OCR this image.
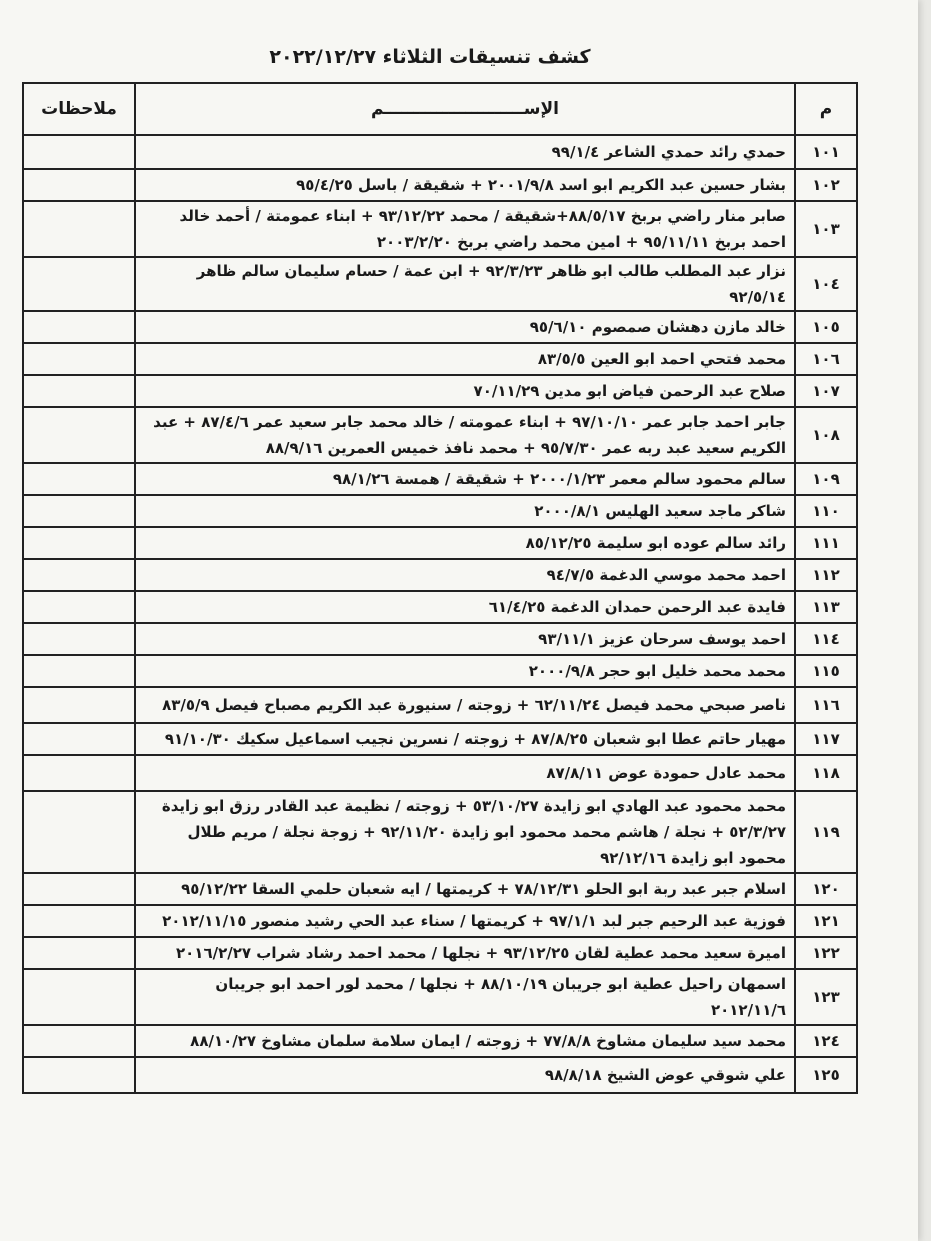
كشف تنسيقات الثلاثاء ٢٠٢٢/١٢/٢٧
م	الإســــــــــــــــــــــــم	ملاحظات
١٠١	حمدي رائد حمدي الشاعر ٩٩/١/٤	
١٠٢	بشار حسين عبد الكريم ابو اسد ٢٠٠١/٩/٨ + شقيقة / باسل ٩٥/٤/٢٥	
١٠٣	صابر منار راضي بربخ ٨٨/٥/١٧+شقيقة / محمد ٩٣/١٢/٢٢ + ابناء عمومتة / أحمد خالد احمد بربخ ٩٥/١١/١١ + امين محمد راضي بربخ ٢٠٠٣/٢/٢٠	
١٠٤	نزار عبد المطلب طالب ابو ظاهر ٩٢/٣/٢٣ + ابن عمة / حسام سليمان سالم ظاهر ٩٢/٥/١٤	
١٠٥	خالد مازن دهشان صمصوم ٩٥/٦/١٠	
١٠٦	محمد فتحي احمد ابو العين ٨٣/٥/٥	
١٠٧	صلاح عبد الرحمن فياض ابو مدين ٧٠/١١/٢٩	
١٠٨	جابر احمد جابر عمر ٩٧/١٠/١٠ + ابناء عمومته / خالد محمد جابر سعيد عمر ٨٧/٤/٦ + عبد الكريم سعيد عبد ربه عمر ٩٥/٧/٣٠ + محمد نافذ خميس العمرين ٨٨/٩/١٦	
١٠٩	سالم محمود سالم معمر ٢٠٠٠/١/٢٣ + شقيقة / همسة ٩٨/١/٢٦	
١١٠	شاكر ماجد سعيد الهليس ٢٠٠٠/٨/١	
١١١	رائد سالم عوده ابو سليمة ٨٥/١٢/٢٥	
١١٢	احمد محمد موسي الدغمة ٩٤/٧/٥	
١١٣	فايدة عبد الرحمن حمدان الدغمة ٦١/٤/٢٥	
١١٤	احمد يوسف سرحان عزيز ٩٣/١١/١	
١١٥	محمد محمد خليل ابو حجر ٢٠٠٠/٩/٨	
١١٦	ناصر صبحي محمد فيصل ٦٢/١١/٢٤ + زوجته / سنيورة عبد الكريم مصباح فيصل ٨٣/٥/٩	
١١٧	مهيار حاتم عطا ابو شعبان ٨٧/٨/٢٥ + زوجته / نسرين نجيب اسماعيل سكيك ٩١/١٠/٣٠	
١١٨	محمد عادل حمودة عوض ٨٧/٨/١١	
١١٩	محمد محمود عبد الهادي ابو زايدة ٥٣/١٠/٢٧ + زوجته / نظيمة عبد القادر رزق ابو زايدة ٥٢/٣/٢٧ + نجلة / هاشم محمد محمود ابو زايدة ٩٢/١١/٢٠ + زوجة نجلة / مريم طلال محمود ابو زايدة ٩٢/١٢/١٦	
١٢٠	اسلام جبر عبد ربة ابو الحلو ٧٨/١٢/٣١ + كريمتها / ايه شعبان حلمي السقا ٩٥/١٢/٢٢	
١٢١	فوزية عبد الرحيم جبر لبد ٩٧/١/١ + كريمتها / سناء عبد الحي رشيد منصور ٢٠١٢/١١/١٥	
١٢٢	اميرة سعيد محمد عطية لقان ٩٣/١٢/٢٥ + نجلها / محمد احمد رشاد شراب ٢٠١٦/٢/٢٧	
١٢٣	اسمهان راحيل عطية ابو جريبان ٨٨/١٠/١٩ + نجلها / محمد لور احمد ابو جريبان ٢٠١٢/١١/٦	
١٢٤	محمد سيد سليمان مشاوخ ٧٧/٨/٨ + زوجته / ايمان سلامة سلمان مشاوخ ٨٨/١٠/٢٧	
١٢٥	علي شوقي عوض الشيخ ٩٨/٨/١٨	
